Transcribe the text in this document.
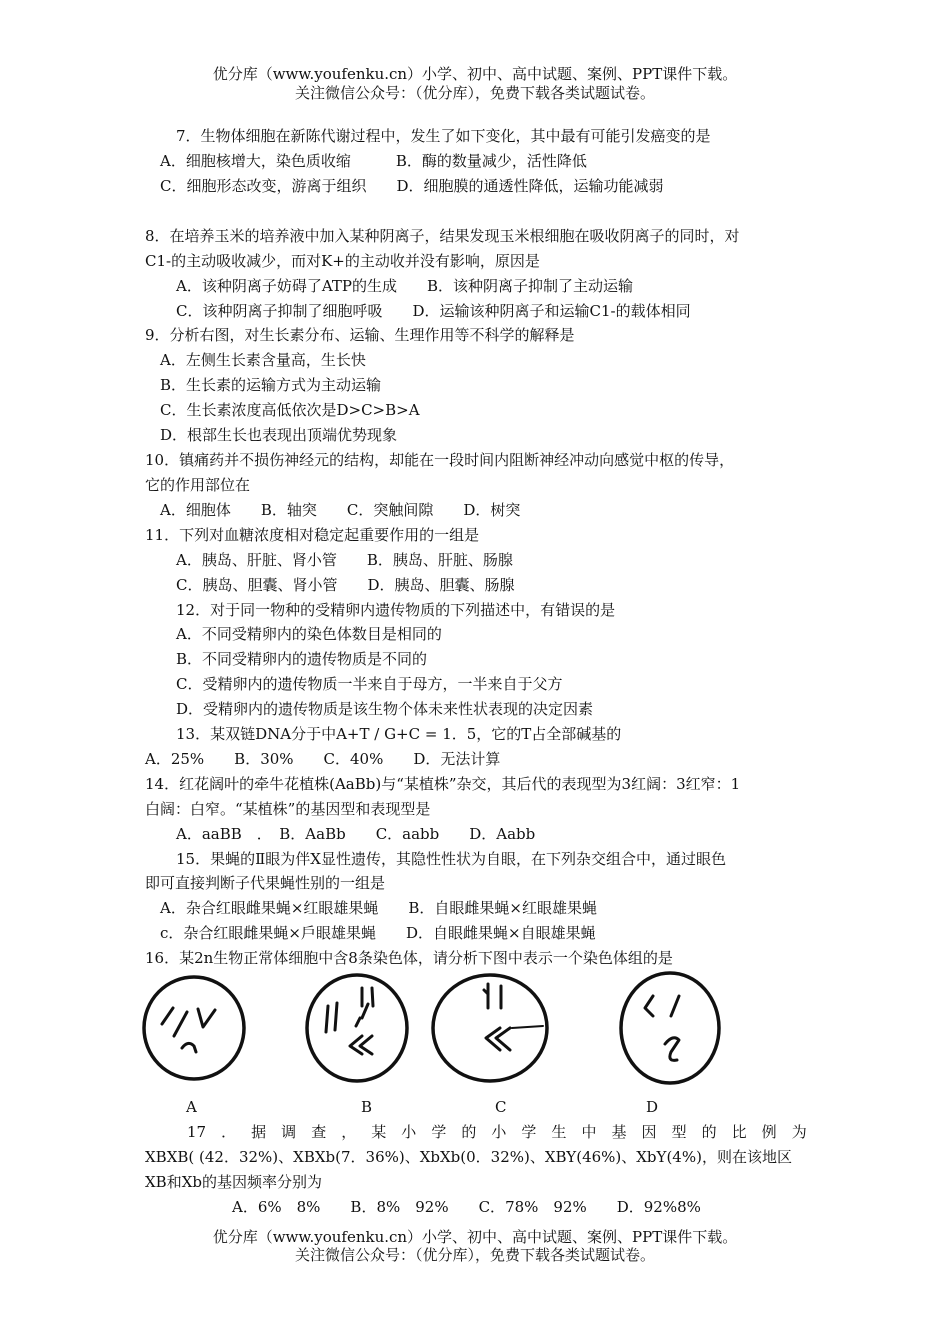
优分库（www.youfenku.cn）小学、初中、高中试题、案例、PPT课件下载。
关注微信公众号：（优分库），免费下载各类试题试卷。
7．生物体细胞在新陈代谢过程中，发生了如下变化，其中最有可能引发癌变的是
A．细胞核增大，染色质收缩　　　B．酶的数量减少，活性降低
C．细胞形态改变，游离于组织　　D．细胞膜的通透性降低，运输功能减弱
8．在培养玉米的培养液中加入某种阴离子，结果发现玉米根细胞在吸收阴离子的同时，对
C1-的主动吸收减少，而对K+的主动收并没有影响，原因是
A．该种阴离子妨碍了ATP的生成　　B．该种阴离子抑制了主动运输
C．该种阴离子抑制了细胞呼吸　　D．运输该种阴离子和运输C1-的载体相同
9．分析右图，对生长素分布、运输、生理作用等不科学的解释是
A．左侧生长素含量高，生长快
B．生长素的运输方式为主动运输
C．生长素浓度高低依次是D>C>B>A
D．根部生长也表现出顶端优势现象
10．镇痛药并不损伤神经元的结构，却能在一段时间内阻断神经冲动向感觉中枢的传导，
它的作用部位在
A．细胞体　　B．轴突　　C．突触间隙　　D．树突
11．下列对血糖浓度相对稳定起重要作用的一组是
A．胰岛、肝脏、肾小管　　B．胰岛、肝脏、肠腺
C．胰岛、胆囊、肾小管　　D．胰岛、胆囊、肠腺
12．对于同一物种的受精卵内遗传物质的下列描述中，有错误的是
A．不同受精卵内的染色体数目是相同的
B．不同受精卵内的遗传物质是不同的
C．受精卵内的遗传物质一半来自于母方，一半来自于父方
D．受精卵内的遗传物质是该生物个体未来性状表现的决定因素
13．某双链DNA分于中A+T / G+C = 1．5，它的T占全部碱基的
A．25%　　B．30%　　C．40%　　D．无法计算
14．红花阔叶的牵牛花植株(AaBb)与“某植株”杂交，其后代的表现型为3红阔：3红窄：1
白阔：白窄。“某植株”的基因型和表现型是
A．aaBB　．　B．AaBb　　C．aabb　　D．Aabb
15．果蝇的Ⅱ眼为伴X显性遗传，其隐性性状为自眼，在下列杂交组合中，通过眼色
即可直接判断子代果蝇性别的一组是
A．杂合红眼雌果蝇×红眼雄果蝇　　B．自眼雌果蝇×红眼雄果蝇
c．杂合红眼雌果蝇×戶眼雄果蝇　　D．自眼雌果蝇×自眼雄果蝇
16．某2n生物正常体细胞中含8条染色体，请分析下图中表示一个染色体组的是
A	B	C	D
17 ． 据 调 查 ， 某 小 学 的 小 学 生 中 基 因 型 的 比 例 为
XBXB( (42．32%)、XBXb(7．36%)、XbXb(0．32%)、XBY(46%)、XbY(4%)，则在该地区
XB和Xb的基因频率分别为
A．6%　8%　　B．8%　92%　　C．78%　92%　　D．92%8%
优分库（www.youfenku.cn）小学、初中、高中试题、案例、PPT课件下载。
关注微信公众号：（优分库），免费下载各类试题试卷。
